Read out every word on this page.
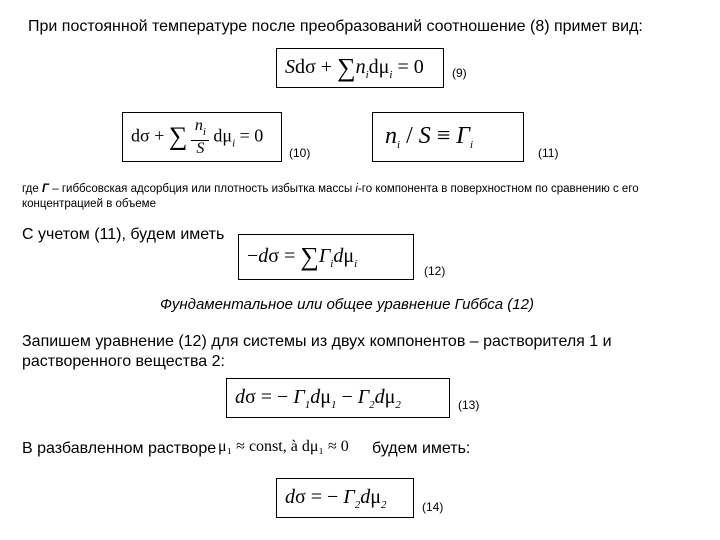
При постоянной температуре после преобразований соотношение (8) примет вид:
$Sd\sigma + \sum n_id\mu_i = 0$ (9)
dσ + ∑ $\frac{n_i}{S} d\mu_i = 0$
(10)
$n_i / S \equiv Г_i$
(11)
где Г – гиббсовская адсорбция или плотность избытка массы i-го компонента в поверхностном по сравнению с его концентрацией в объеме
С учетом (11), будем иметь
$-d\sigma = \sum Г_id\mu_i$	(12)
Фундаментальное или общее уравнение Гиббса (12)
Запишем уравнение (12) для системы из двух компонентов – растворителя 1 и растворенного вещества 2:
dσ = − $Г_1d\mu_1 - Г_2d\mu_2$	(13)
В разбавленном растворе μ₁ ≈ const, à dμ₁ ≈ 0 будем иметь:
dσ = − $Г_2d\mu_2$	(14)
